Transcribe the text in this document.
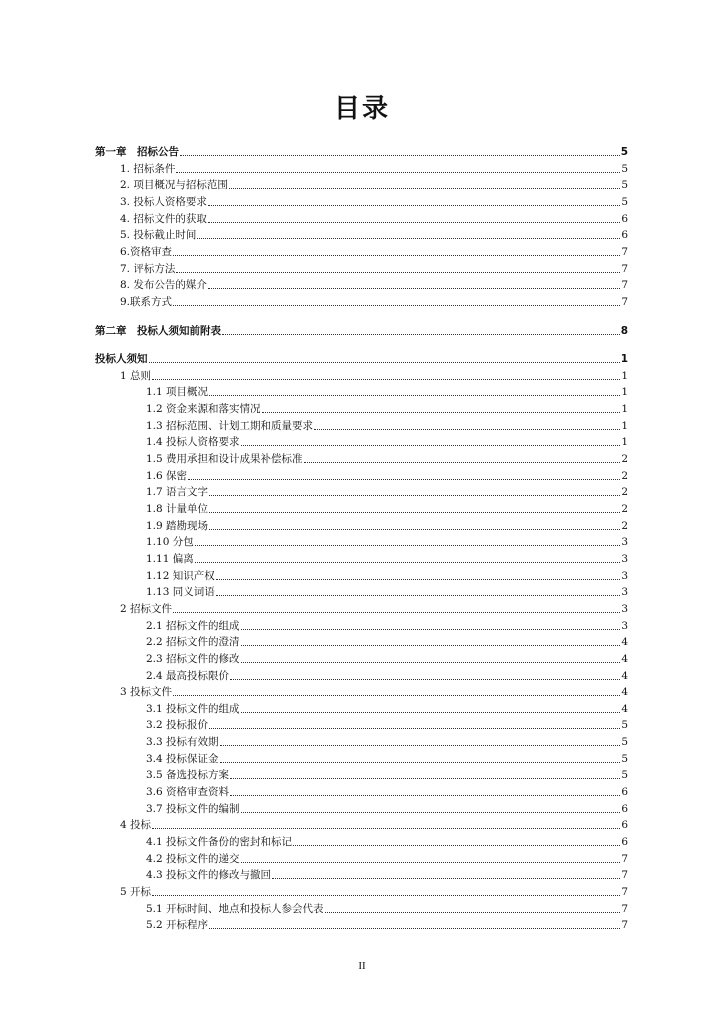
目录
第一章　招标公告	5
1. 招标条件	5
2. 项目概况与招标范围	5
3. 投标人资格要求	5
4. 招标文件的获取	6
5. 投标截止时间	6
6.资格审查	7
7. 评标方法	7
8. 发布公告的媒介	7
9.联系方式	7
第二章　投标人须知前附表	8
投标人须知	1
1 总则	1
1.1 项目概况	1
1.2 资金来源和落实情况	1
1.3 招标范围、计划工期和质量要求	1
1.4 投标人资格要求	1
1.5 费用承担和设计成果补偿标准	2
1.6 保密	2
1.7 语言文字	2
1.8 计量单位	2
1.9 踏勘现场	2
1.10 分包	3
1.11 偏离	3
1.12 知识产权	3
1.13 同义词语	3
2 招标文件	3
2.1 招标文件的组成	3
2.2 招标文件的澄清	4
2.3 招标文件的修改	4
2.4 最高投标限价	4
3 投标文件	4
3.1 投标文件的组成	4
3.2 投标报价	5
3.3 投标有效期	5
3.4 投标保证金	5
3.5 备选投标方案	5
3.6 资格审查资料	6
3.7 投标文件的编制	6
4 投标	6
4.1 投标文件备份的密封和标记	6
4.2 投标文件的递交	7
4.3 投标文件的修改与撤回	7
5 开标	7
5.1 开标时间、地点和投标人参会代表	7
5.2 开标程序	7
II
